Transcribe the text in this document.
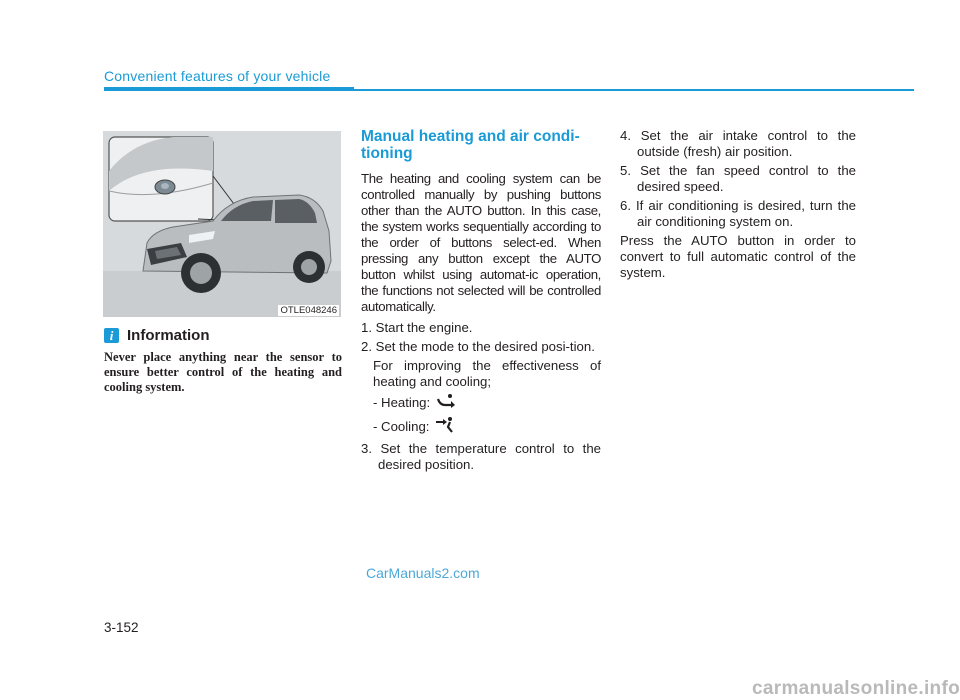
Convenient features of your vehicle
OTLE048246
i Information
Never place anything near the sensor to ensure better control of the heating and cooling system.
Manual heating and air condi-tioning
The heating and cooling system can be controlled manually by pushing buttons other than the AUTO button. In this case, the system works sequentially according to the order of buttons select-ed. When pressing any button except the AUTO button whilst using automat-ic operation, the functions not selected will be controlled automatically.
1. Start the engine.
2. Set the mode to the desired posi-tion.
For improving the effectiveness of heating and cooling;
- Heating:
- Cooling:
3. Set the temperature control to the desired position.
4. Set the air intake control to the outside (fresh) air position.
5. Set the fan speed control to the desired speed.
6. If air conditioning is desired, turn the air conditioning system on.
Press the AUTO button in order to convert to full automatic control of the system.
CarManuals2.com
3-152
carmanualsonline.info
